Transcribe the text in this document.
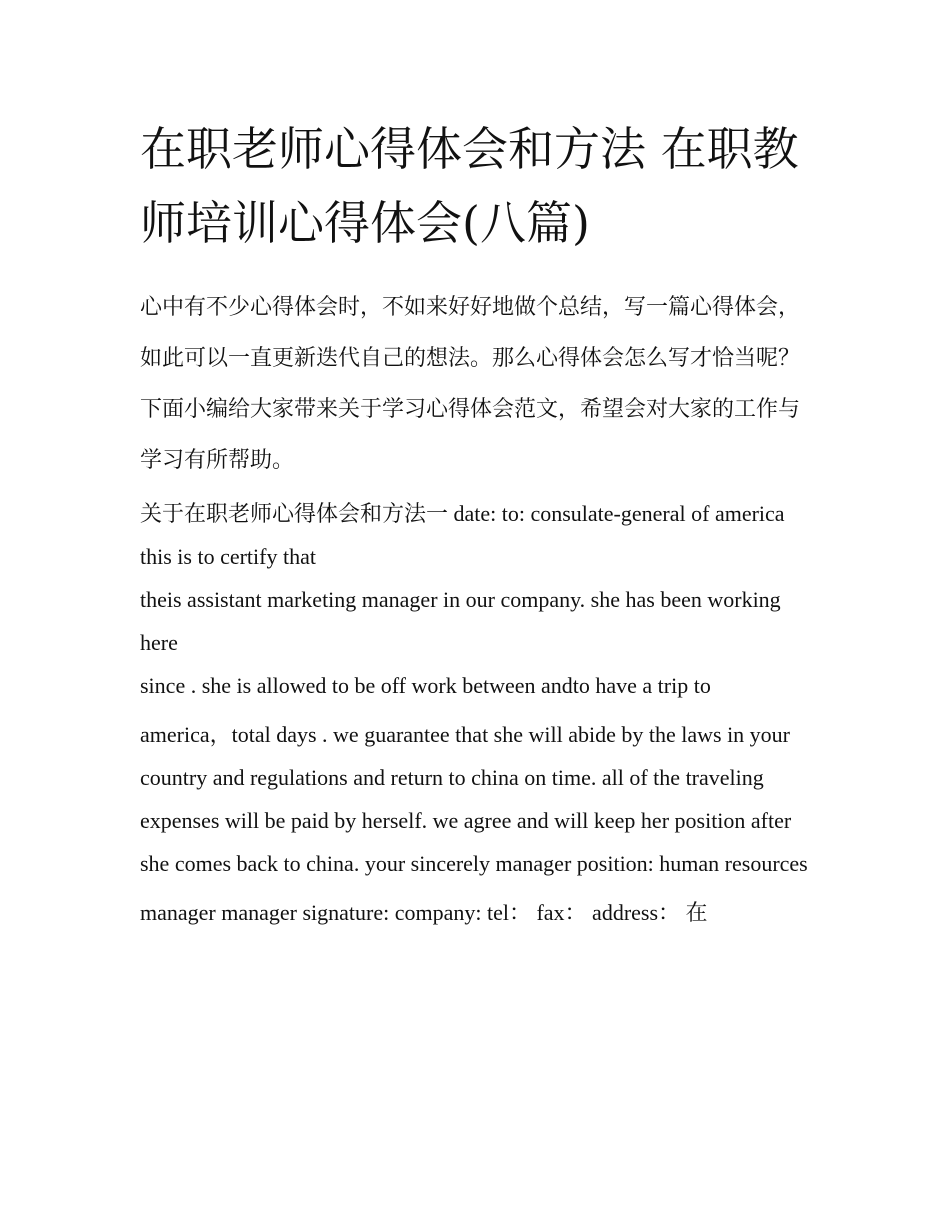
在职老师心得体会和方法 在职教师培训心得体会(八篇)

心中有不少心得体会时，不如来好好地做个总结，写一篇心得体会，如此可以一直更新迭代自己的想法。那么心得体会怎么写才恰当呢？下面小编给大家带来关于学习心得体会范文，希望会对大家的工作与学习有所帮助。

关于在职老师心得体会和方法一 date: to: consulate-general of america this is to certify that

theis assistant marketing manager in our company. she has been working here

since . she is allowed to be off work between andto have a trip to

america，total days . we guarantee that she will abide by the laws in your

country and regulations and return to china on time. all of the traveling

expenses will be paid by herself. we agree and will keep her position after

she comes back to china. your sincerely manager position: human resources

manager manager signature: company: tel： fax： address： 在
